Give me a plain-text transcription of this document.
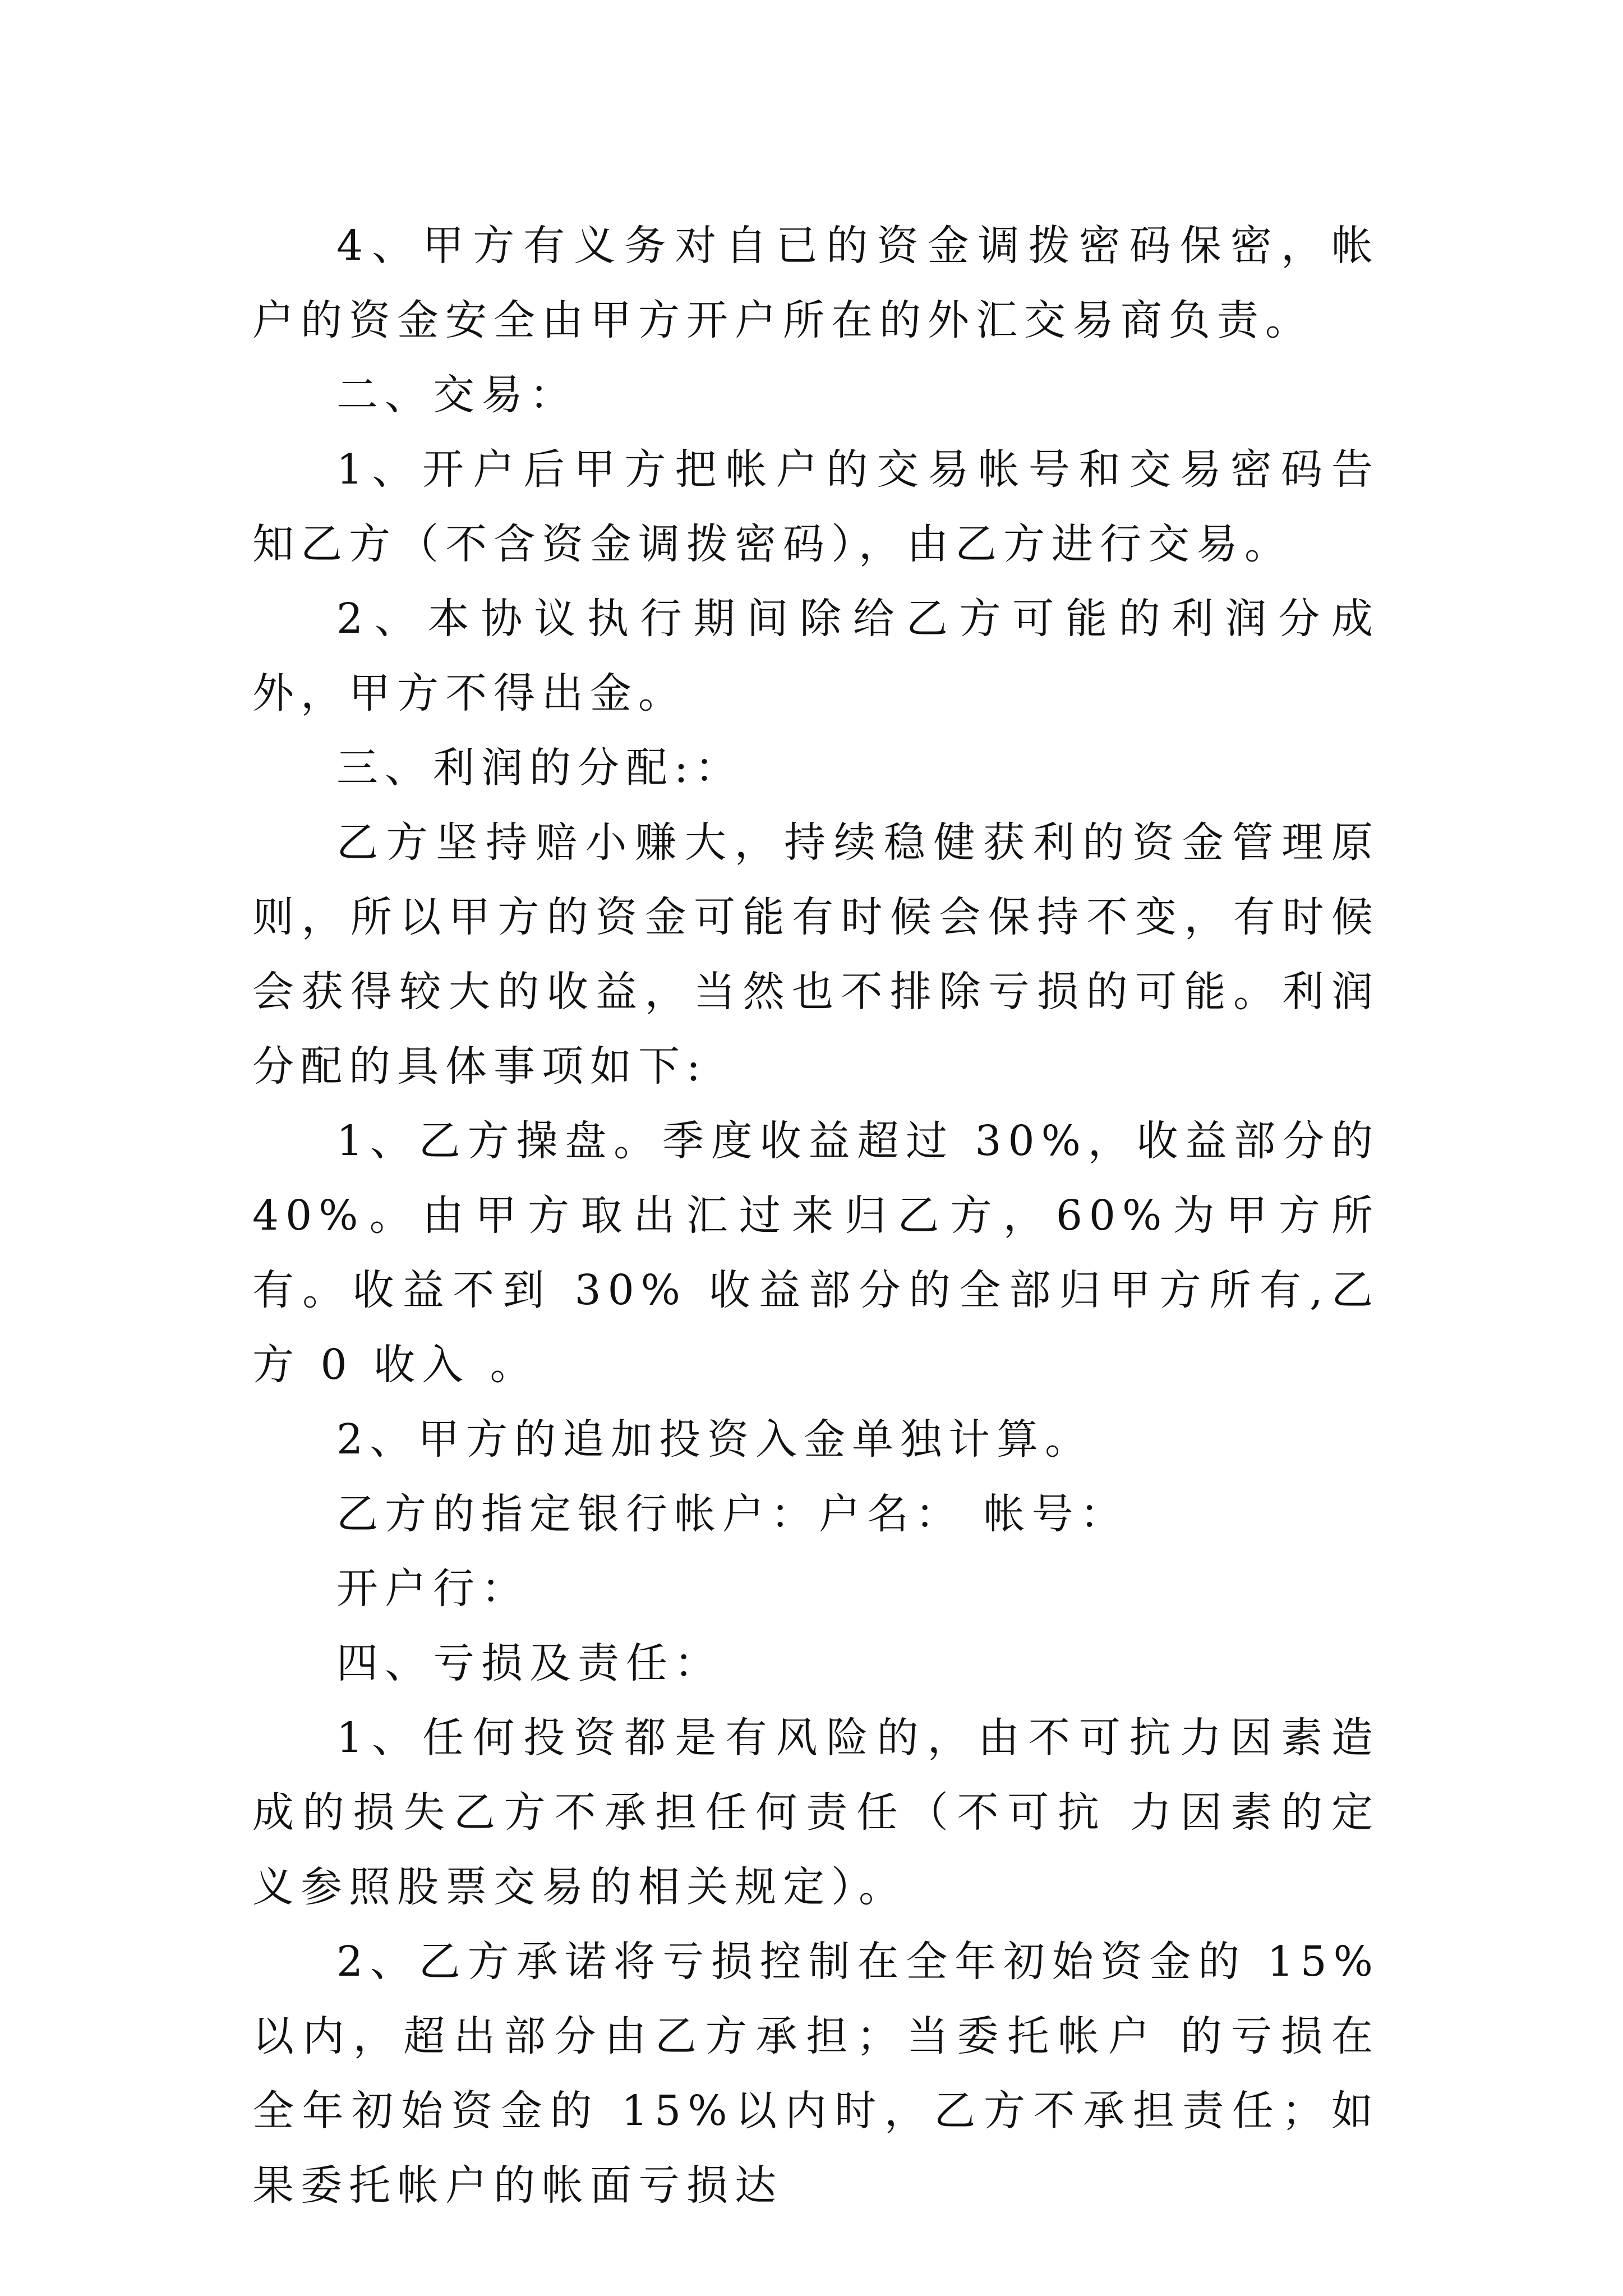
4、甲方有义务对自已的资金调拨密码保密，帐户的资金安全由甲方开户所在的外汇交易商负责。

二、交易：

1、开户后甲方把帐户的交易帐号和交易密码告知乙方（不含资金调拨密码），由乙方进行交易。

2、本协议执行期间除给乙方可能的利润分成外，甲方不得出金。

三、利润的分配:：

乙方坚持赔小赚大，持续稳健获利的资金管理原则，所以甲方的资金可能有时候会保持不变，有时候会获得较大的收益，当然也不排除亏损的可能。利润分配的具体事项如下:

1、乙方操盘。季度收益超过 30%，收益部分的 40%。由甲方取出汇过来归乙方，60%为甲方所有。收益不到 30% 收益部分的全部归甲方所有,乙方 0 收入 。

2、甲方的追加投资入金单独计算。

乙方的指定银行帐户：户名： 帐号：

开户行：

四、亏损及责任：

1、任何投资都是有风险的，由不可抗力因素造成的损失乙方不承担任何责任（不可抗 力因素的定义参照股票交易的相关规定）。

2、乙方承诺将亏损控制在全年初始资金的 15%以内，超出部分由乙方承担；当委托帐户 的亏损在全年初始资金的 15%以内时，乙方不承担责任；如果委托帐户的帐面亏损达
